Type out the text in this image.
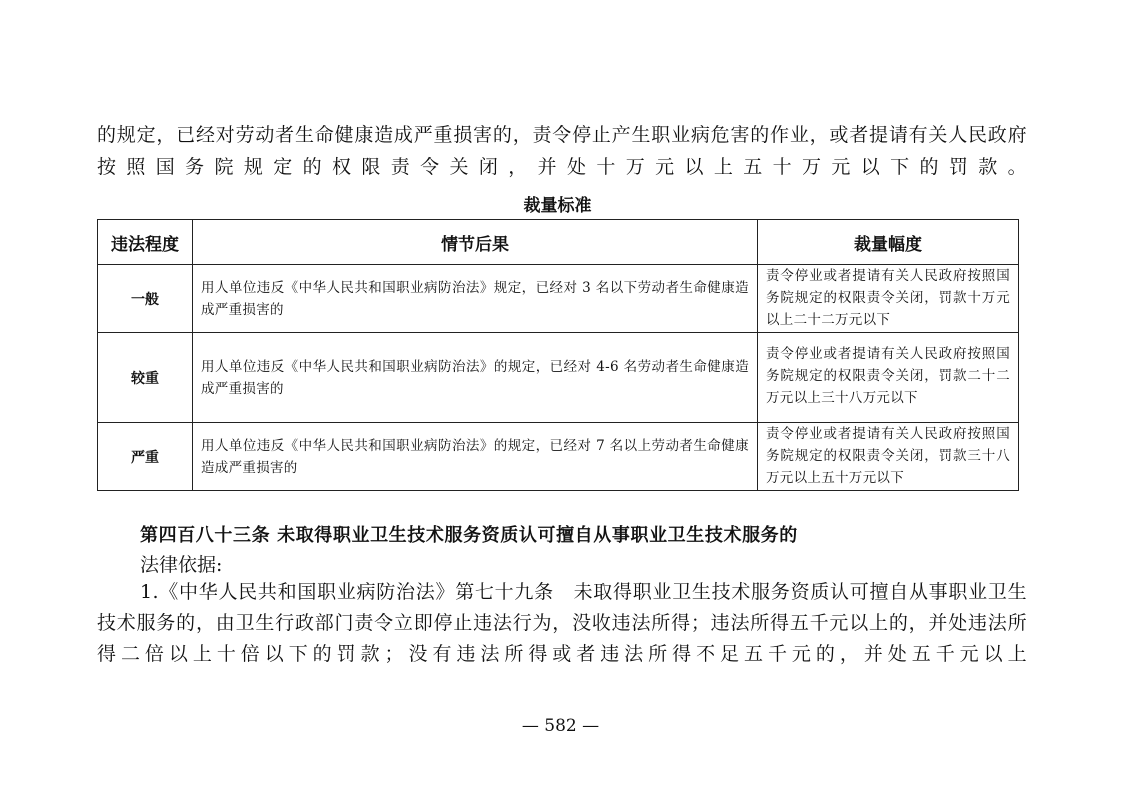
的规定，已经对劳动者生命健康造成严重损害的，责令停止产生职业病危害的作业，或者提请有关人民政府按照国务院规定的权限责令关闭，并处十万元以上五十万元以下的罚款。

裁量标准
违法程度	情节后果	裁量幅度
一般	用人单位违反《中华人民共和国职业病防治法》规定，已经对 3 名以下劳动者生命健康造成严重损害的	责令停业或者提请有关人民政府按照国务院规定的权限责令关闭，罚款十万元以上二十二万元以下
较重	用人单位违反《中华人民共和国职业病防治法》的规定，已经对 4-6 名劳动者生命健康造成严重损害的	责令停业或者提请有关人民政府按照国务院规定的权限责令关闭，罚款二十二万元以上三十八万元以下
严重	用人单位违反《中华人民共和国职业病防治法》的规定，已经对 7 名以上劳动者生命健康造成严重损害的	责令停业或者提请有关人民政府按照国务院规定的权限责令关闭，罚款三十八万元以上五十万元以下
第四百八十三条 未取得职业卫生技术服务资质认可擅自从事职业卫生技术服务的

法律依据:

1.《中华人民共和国职业病防治法》第七十九条　未取得职业卫生技术服务资质认可擅自从事职业卫生技术服务的，由卫生行政部门责令立即停止违法行为，没收违法所得；违法所得五千元以上的，并处违法所得二倍以上十倍以下的罚款；没有违法所得或者违法所得不足五千元的，并处五千元以上

— 582 —
